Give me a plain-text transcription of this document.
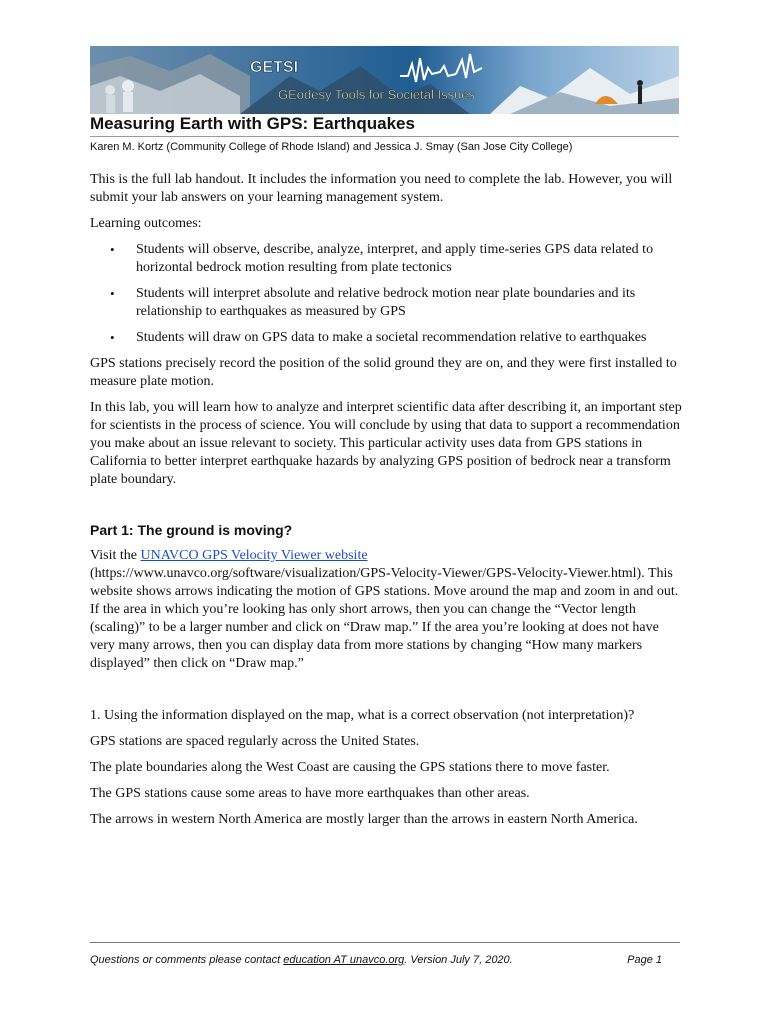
GETSI
GEodesy Tools for Societal Issues
Measuring Earth with GPS: Earthquakes
Karen M. Kortz (Community College of Rhode Island) and Jessica J. Smay (San Jose City College)

This is the full lab handout. It includes the information you need to complete the lab. However, you will submit your lab answers on your learning management system.

Learning outcomes:

• Students will observe, describe, analyze, interpret, and apply time-series GPS data related to horizontal bedrock motion resulting from plate tectonics
• Students will interpret absolute and relative bedrock motion near plate boundaries and its relationship to earthquakes as measured by GPS
• Students will draw on GPS data to make a societal recommendation relative to earthquakes

GPS stations precisely record the position of the solid ground they are on, and they were first installed to measure plate motion.

In this lab, you will learn how to analyze and interpret scientific data after describing it, an important step for scientists in the process of science. You will conclude by using that data to support a recommendation you make about an issue relevant to society. This particular activity uses data from GPS stations in California to better interpret earthquake hazards by analyzing GPS position of bedrock near a transform plate boundary.

Part 1: The ground is moving?

Visit the UNAVCO GPS Velocity Viewer website
(https://www.unavco.org/software/visualization/GPS-Velocity-Viewer/GPS-Velocity-Viewer.html). This website shows arrows indicating the motion of GPS stations. Move around the map and zoom in and out. If the area in which you’re looking has only short arrows, then you can change the “Vector length (scaling)” to be a larger number and click on “Draw map.” If the area you’re looking at does not have very many arrows, then you can display data from more stations by changing “How many markers displayed” then click on “Draw map.”

1. Using the information displayed on the map, what is a correct observation (not interpretation)?

GPS stations are spaced regularly across the United States.

The plate boundaries along the West Coast are causing the GPS stations there to move faster.

The GPS stations cause some areas to have more earthquakes than other areas.

The arrows in western North America are mostly larger than the arrows in eastern North America.

Questions or comments please contact education AT unavco.org. Version July 7, 2020.	Page 1
